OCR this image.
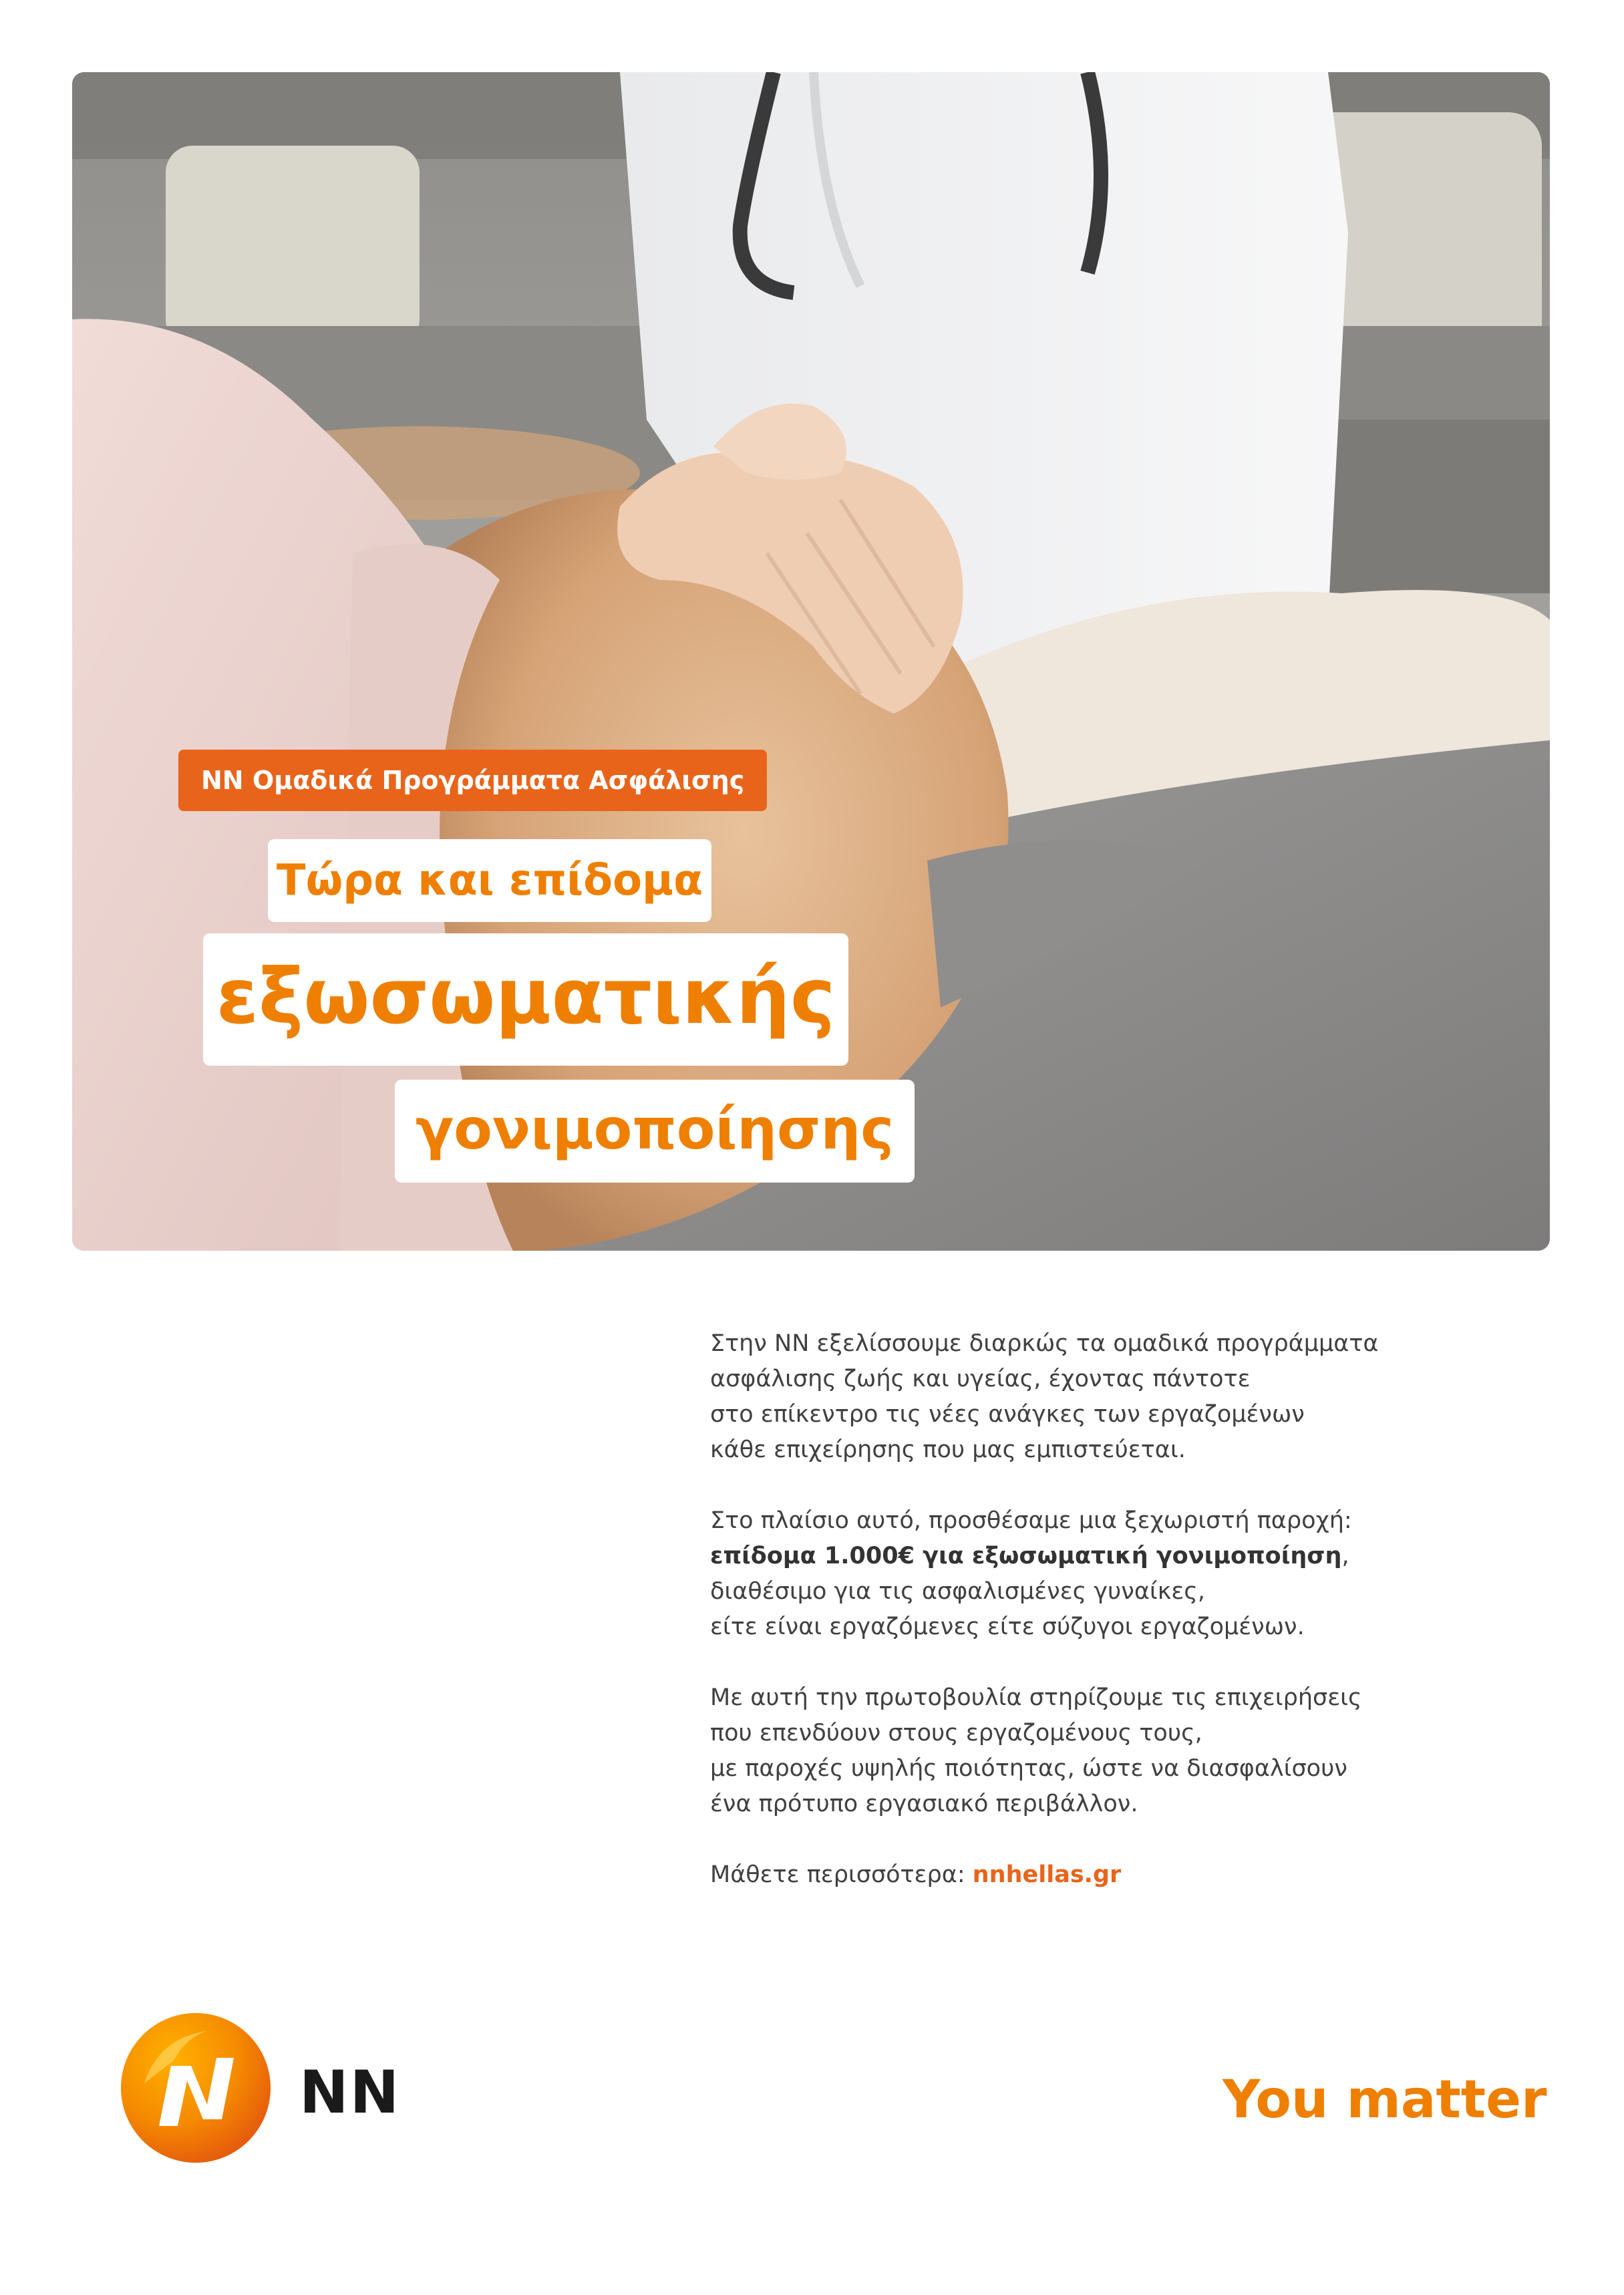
NN Ομαδικά Προγράμματα Ασφάλισης
Τώρα και επίδομα
εξωσωματικής
γονιμοποίησης

Στην NN εξελίσσουμε διαρκώς τα ομαδικά προγράμματα
ασφάλισης ζωής και υγείας, έχοντας πάντοτε
στο επίκεντρο τις νέες ανάγκες των εργαζομένων
κάθε επιχείρησης που μας εμπιστεύεται.

Στο πλαίσιο αυτό, προσθέσαμε μια ξεχωριστή παροχή:
επίδομα 1.000€ για εξωσωματική γονιμοποίηση,
διαθέσιμο για τις ασφαλισμένες γυναίκες,
είτε είναι εργαζόμενες είτε σύζυγοι εργαζομένων.

Με αυτή την πρωτοβουλία στηρίζουμε τις επιχειρήσεις
που επενδύουν στους εργαζομένους τους,
με παροχές υψηλής ποιότητας, ώστε να διασφαλίσουν
ένα πρότυπο εργασιακό περιβάλλον.

Μάθετε περισσότερα: nnhellas.gr

NN	You matter
